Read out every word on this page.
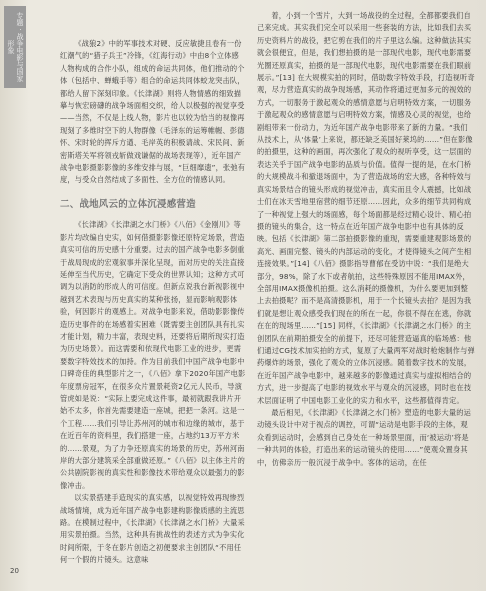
专题 · 战争电影与国家形象	《战狼2》中的军事技术对硬、反应敏捷且卷有一份红潮气的“猎子兵王”冷锋，《红海行动》中由8个立体感人物构成的合作小队，组成的命运共同体，他们推动的个体（包括中、蝉蛾手等）组合的命运共同体蛟龙突击队，都给人留下深刻印象。《长津湖》则将人物情感的细致描摹与恢宏磅礴的战争场面相交织，给人以极强的视觉享受——当然，不仅是上线人物，影片也以较为恰当的视像再现刻了多维时空下的人物群像（毛泽东的运筹帷幄、彭德怀、宋时轮的挥斥方遒、毛岸英的积极请战、宋民间、新密斯塔关军将领戎斩做戏谦倨的战场表现等），近年国产战争电影摄影影像的多维安排与展，“巨细靡遗”，张弛有度，与受众自然结成了多面性、全方位的情感认同。

二、战地风云的立体沉浸感营造

《长津湖》《长津湖之水门桥》《八佰》《金刚川》等影片均改编自史实，如何借摄影影像还原特定场景，营造真实可信的历史感十分重要。过去的国产战争电影多倒重于战局现成的宏观叙事并深化呈现，而对历史的关注直接延伸至当代历史，它确定下受众的世界认知；这种方式可调为以消防的形成人的可信度。但新点说我台新视影视中越到艺术表现与历史真实的某种张扬，显而影响观影体验，何因影片的观感上。对战争电影来说，借助影影像传造历史事件的在场感着实困难（既需要主创团队具有扎实才能计划，精力丰富，表现史料，还要将后期所现实打造为历史场景）。而这需要和依现代电影工业的进步，更需要数字特效技术的加持。作为目前我们中国产战争电影中口碑奇佳的典型影片之一，《八佰》拿下2020年国产电影年度票房冠军，在很多众片置景耗资2亿元人民币，导演管虎如是说：“实际上要完成这件事，最初就跟我讲片开始不太多，你首先需要建造一座城，把把一条河。这是一个工程……我们引导让苏州河的城市和边缘的城市，基于在近百年的资料里，我们搭建一座，占地约13万平方米的……景观，为了力争还原真实的场景的历史，苏州河南岸的大部分建筑采全部重做还原。”《八佰》以主体主片的公共剧院影视的真实性和影像技术带给观众以最强力的影像冲击。

以实景搭建手造现实的真实感，以视觉特效再现惨烈战场情境，成为近年国产战争电影建构影像质感的主流思路。在模制过程中，《长津湖》《长津湖之水门桥》大量采用实景拍摄。当然，这种具有挑战性的表述方式为争实化时间所限，于冬在影片创造之初便要求主创团队“不用任何一个假的片镜头。这意味

着，小到一个雪片，大到一场战役的全过程，全都都要我们自己来完成。其实我们完全可以采用一些套装的方法，比如我们去买历史资料片的战役，把它剪在我们的片子里这么编。这种做法其实就会很便宜，但是，我们想拍摄的是一部现代电影，现代电影需要光圈还原真实，拍摄的是一部现代电影，现代电影需要在我们眼前展示。”[13] 在大规模实拍的同时，借助数字特效手段，打造视听奇观，尽力营造真实的战争现场感，其动作将通过更加多元的视效的方式，一切服务于激起观众的感情意愿与启明特效方案，一切服务于激起观众的感情意愿与启明特效方案，情感及心灵的视觉，也给剧组带来一份动力，为近年国产战争电影带来了新的力量。“我们从技术上，从‘体量’上来说，都还缺乏美国好莱坞的……”但在影像的拍摄里，这种的画面，再次强化了观众的视听享受，这一层面的表达关乎于国产战争电影的品质与价值。值得一提的是，在水门桥的大规模战斗和撤退场面中，为了营造战场的宏大感，各种特效与真实场景结合的镜头形成的视觉冲击，真实而且令人震撼，比如战士们在冰天雪地里宿营的细节还原……因此，众多的细节共同构成了一种视觉上强大的场面感，每个场面都是经过精心设计、精心拍摄的镜头的集合，这一特点在近年国产战争电影中也有具体的反映。包括《长津湖》第二部拍摄影像的重现，需要重建观影场景的高光、画面完整、镜头的内部运动的变化，才使得镜头之间产生相连接效果。”[14]《八佰》摄影指导曹郁在受访中说：“我们是绝大部分，98%，除了水下或者航拍，这些特殊原因不能用IMAX外，全部用IMAX摄像机拍摄。这么消耗的摄像机，为什么要更加到整上去拍摄呢？而不是高清摄影机，用于一个长镜头去拍？是因为我们就是想让观众感受我们现在的所在一起，你很不得在在逃，你就在在的现场里……”[15] 同样，《长津湖》《长津湖之水门桥》的主创团队在前期拍摄安全的前提下，还尽可能营造逼真的临场感：他们通过CG技术加实拍的方式，复原了大量两军对战时枪炮制作与弹药爆炸的场景，强化了观众的立体沉浸感。随着数字技术的发展，在近年国产战争电影中，越来越多的影像通过真实与虚拟相结合的方式，进一步提高了电影的视效水平与观众的沉浸感，同时也在技术层面证明了中国电影工业化的实力和水平，这些都值得肯定。

最后相见，《长津湖》《长津湖之水门桥》塑造的电影大量的运动镜头设计中对于视点的调控，可谓“运动是电影手段的主体，观众看到运动时，会感到自己身处在一种场景里面，而‘被运动’将是一种共同的体验，打造出来的运动镜头的使用……”使观众置身其中，仿佛亲历一般沉浸于战争中。客体的运动，在任

20
